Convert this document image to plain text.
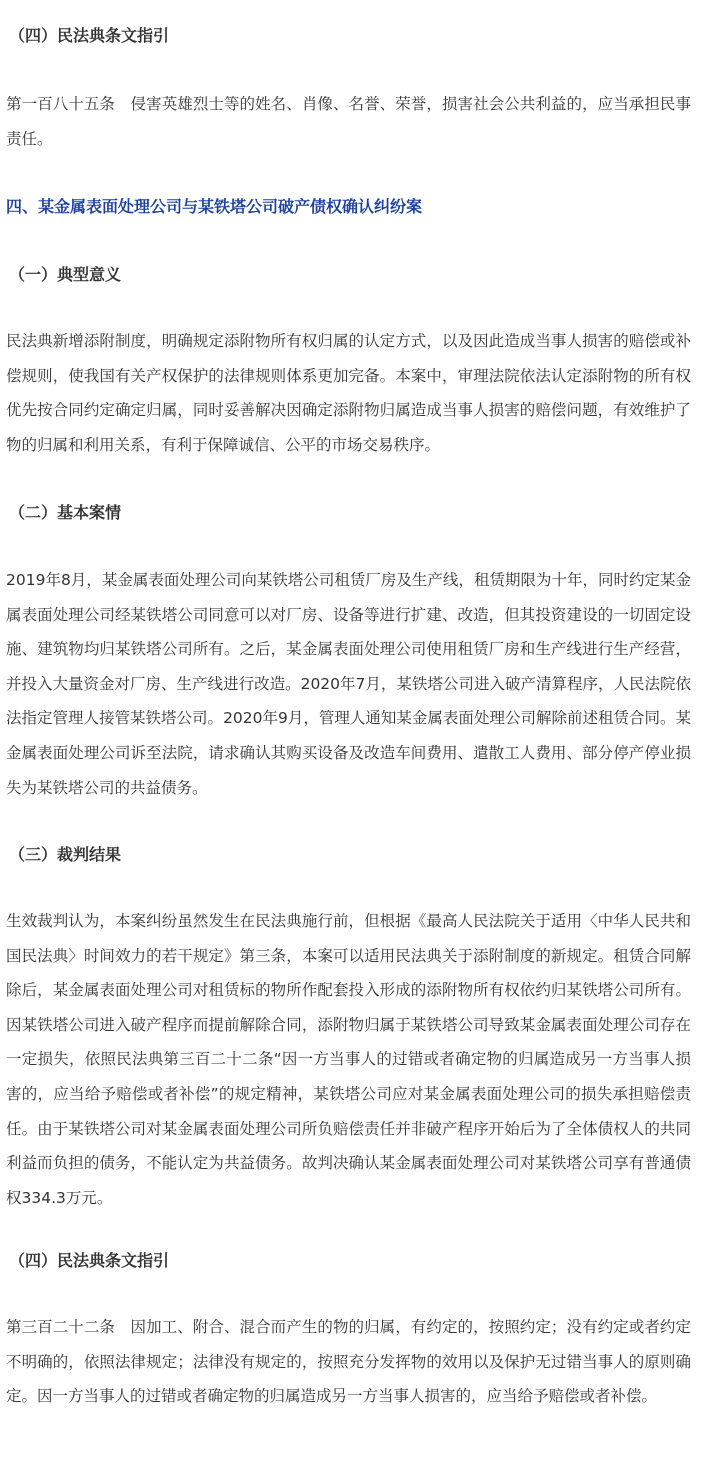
（四）民法典条文指引

第一百八十五条　侵害英雄烈士等的姓名、肖像、名誉、荣誉，损害社会公共利益的，应当承担民事责任。

四、某金属表面处理公司与某铁塔公司破产债权确认纠纷案
（一）典型意义

民法典新增添附制度，明确规定添附物所有权归属的认定方式，以及因此造成当事人损害的赔偿或补偿规则，使我国有关产权保护的法律规则体系更加完备。本案中，审理法院依法认定添附物的所有权优先按合同约定确定归属，同时妥善解决因确定添附物归属造成当事人损害的赔偿问题，有效维护了物的归属和利用关系，有利于保障诚信、公平的市场交易秩序。

（二）基本案情

2019年8月，某金属表面处理公司向某铁塔公司租赁厂房及生产线，租赁期限为十年，同时约定某金属表面处理公司经某铁塔公司同意可以对厂房、设备等进行扩建、改造，但其投资建设的一切固定设施、建筑物均归某铁塔公司所有。之后，某金属表面处理公司使用租赁厂房和生产线进行生产经营，并投入大量资金对厂房、生产线进行改造。2020年7月，某铁塔公司进入破产清算程序，人民法院依法指定管理人接管某铁塔公司。2020年9月，管理人通知某金属表面处理公司解除前述租赁合同。某金属表面处理公司诉至法院，请求确认其购买设备及改造车间费用、遣散工人费用、部分停产停业损失为某铁塔公司的共益债务。

（三）裁判结果

生效裁判认为，本案纠纷虽然发生在民法典施行前，但根据《最高人民法院关于适用〈中华人民共和国民法典〉时间效力的若干规定》第三条，本案可以适用民法典关于添附制度的新规定。租赁合同解除后，某金属表面处理公司对租赁标的物所作配套投入形成的添附物所有权依约归某铁塔公司所有。因某铁塔公司进入破产程序而提前解除合同，添附物归属于某铁塔公司导致某金属表面处理公司存在一定损失，依照民法典第三百二十二条“因一方当事人的过错或者确定物的归属造成另一方当事人损害的，应当给予赔偿或者补偿”的规定精神，某铁塔公司应对某金属表面处理公司的损失承担赔偿责任。由于某铁塔公司对某金属表面处理公司所负赔偿责任并非破产程序开始后为了全体债权人的共同利益而负担的债务，不能认定为共益债务。故判决确认某金属表面处理公司对某铁塔公司享有普通债权334.3万元。

（四）民法典条文指引

第三百二十二条　因加工、附合、混合而产生的物的归属，有约定的，按照约定；没有约定或者约定不明确的，依照法律规定；法律没有规定的，按照充分发挥物的效用以及保护无过错当事人的原则确定。因一方当事人的过错或者确定物的归属造成另一方当事人损害的，应当给予赔偿或者补偿。
